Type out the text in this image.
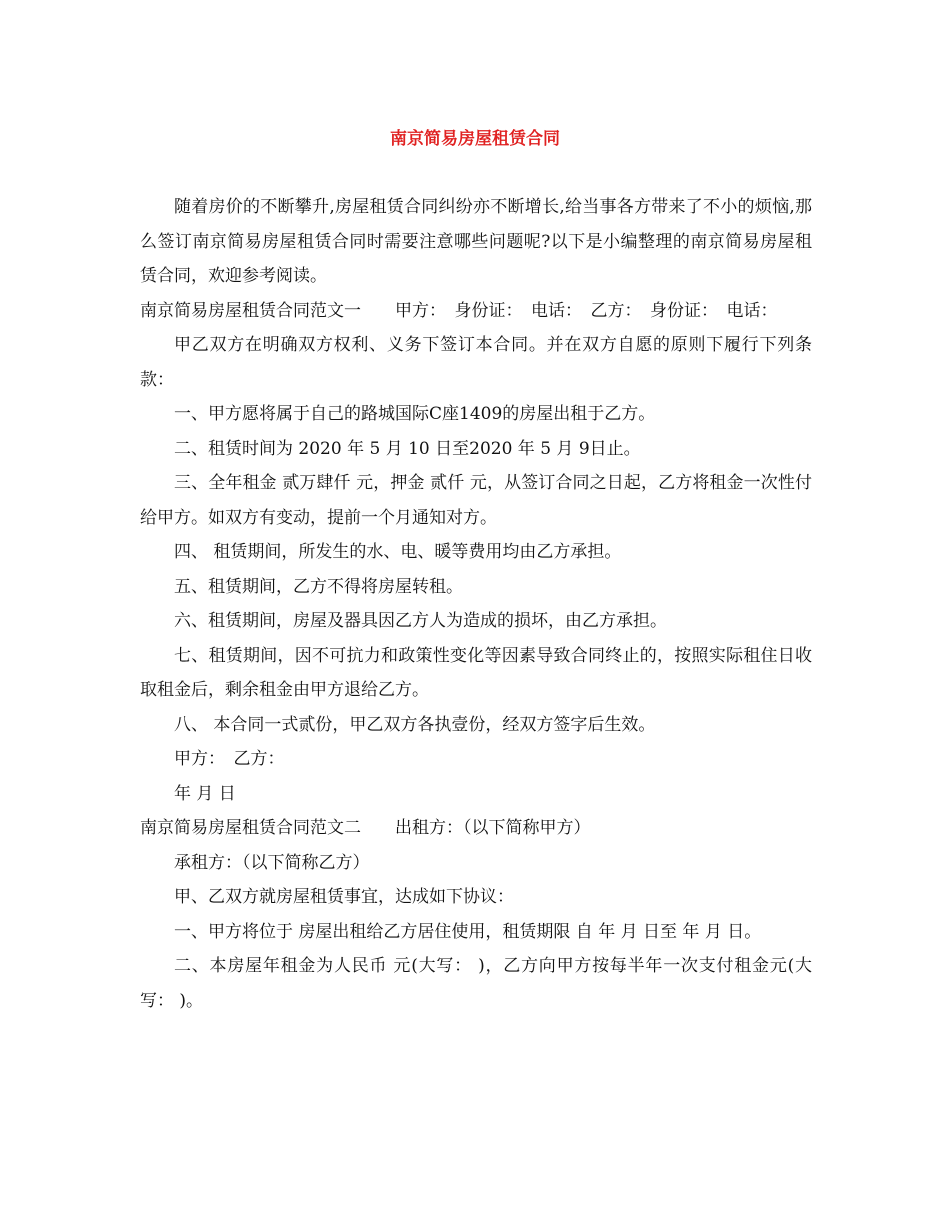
南京简易房屋租赁合同

随着房价的不断攀升,房屋租赁合同纠纷亦不断增长,给当事各方带来了不小的烦恼,那么签订南京简易房屋租赁合同时需要注意哪些问题呢?以下是小编整理的南京简易房屋租赁合同，欢迎参考阅读。

南京简易房屋租赁合同范文一　　甲方：　身份证：　电话：　乙方：　身份证：　电话：

甲乙双方在明确双方权利、义务下签订本合同。并在双方自愿的原则下履行下列条款：

一、甲方愿将属于自己的路城国际C座1409的房屋出租于乙方。

二、租赁时间为 2020 年 5 月 10 日至2020 年 5 月 9日止。

三、全年租金 贰万肆仟 元，押金 贰仟 元，从签订合同之日起，乙方将租金一次性付给甲方。如双方有变动，提前一个月通知对方。

四、 租赁期间，所发生的水、电、暖等费用均由乙方承担。

五、租赁期间，乙方不得将房屋转租。

六、租赁期间，房屋及器具因乙方人为造成的损坏，由乙方承担。

七、租赁期间，因不可抗力和政策性变化等因素导致合同终止的，按照实际租住日收取租金后，剩余租金由甲方退给乙方。

八、 本合同一式贰份，甲乙双方各执壹份，经双方签字后生效。

甲方：　乙方：

年 月 日

南京简易房屋租赁合同范文二　　出租方：（以下简称甲方）

承租方：（以下简称乙方）

甲、乙双方就房屋租赁事宜，达成如下协议：

一、甲方将位于 房屋出租给乙方居住使用，租赁期限 自 年 月 日至 年 月 日。

二、本房屋年租金为人民币 元(大写： )，乙方向甲方按每半年一次支付租金元(大写： )。
